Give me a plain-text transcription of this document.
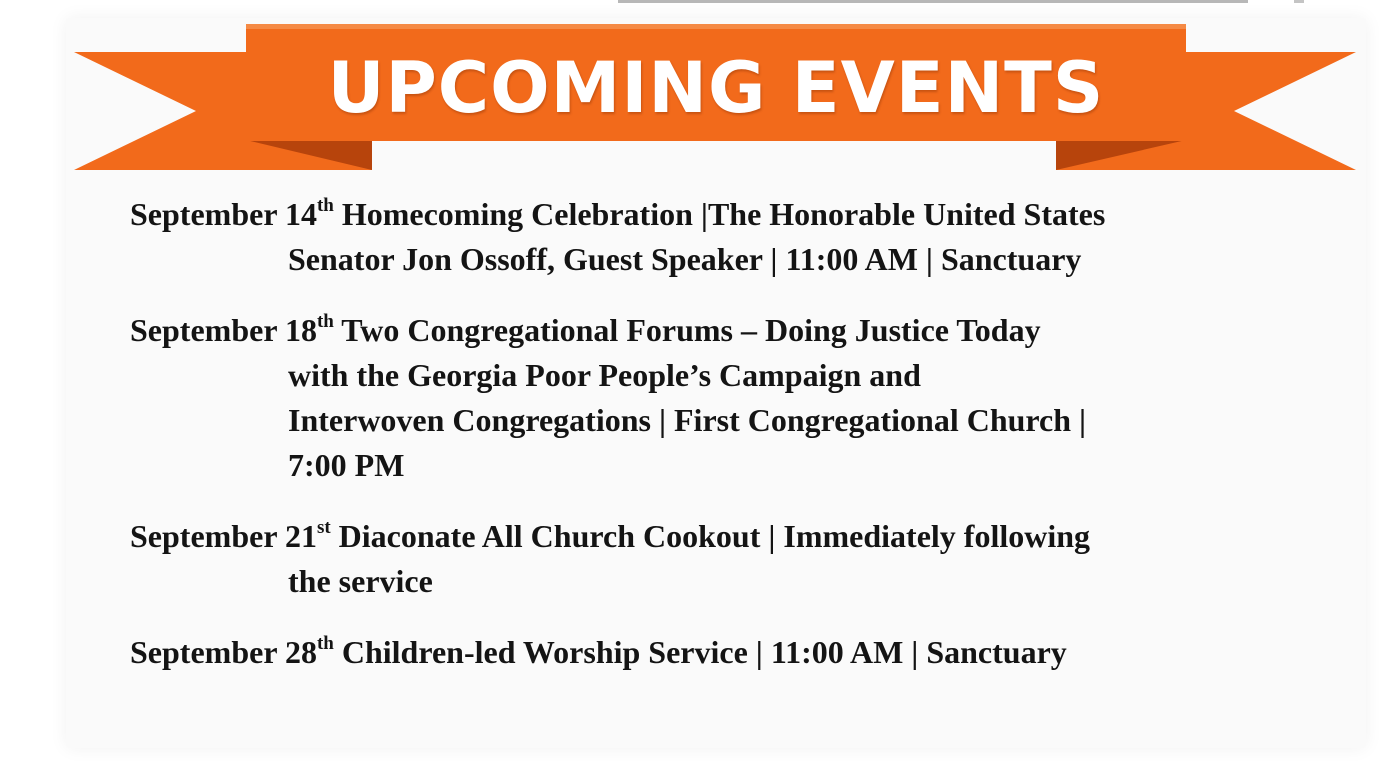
UPCOMING EVENTS
September 14th Homecoming Celebration |The Honorable United States
Senator Jon Ossoff, Guest Speaker | 11:00 AM | Sanctuary
September 18th Two Congregational Forums – Doing Justice Today
with the Georgia Poor People’s Campaign and
Interwoven Congregations | First Congregational Church |
7:00 PM
September 21st Diaconate All Church Cookout | Immediately following
the service
September 28th Children-led Worship Service | 11:00 AM | Sanctuary
